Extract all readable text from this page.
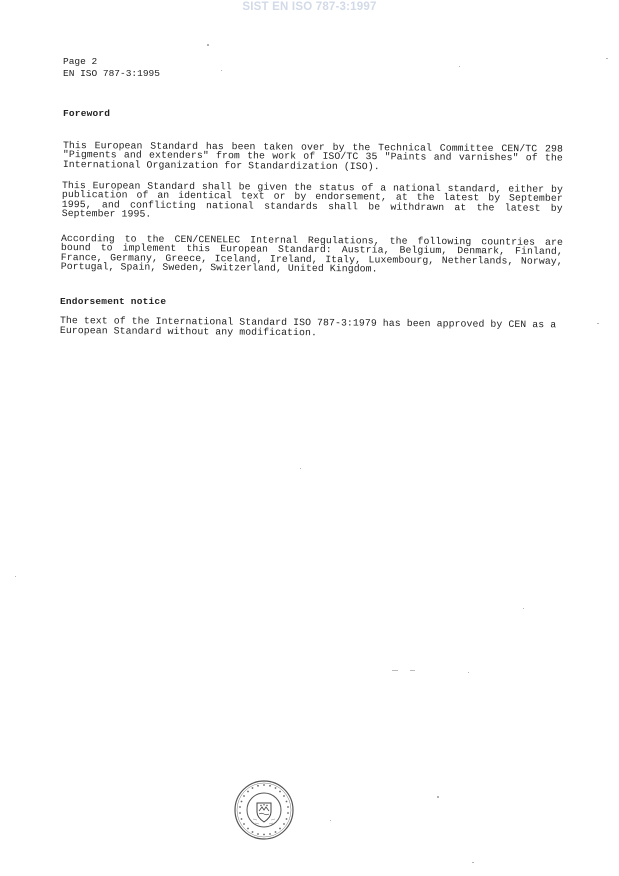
SIST EN ISO 787-3:1997
Page 2
EN ISO 787-3:1995
Foreword
This European Standard has been taken over by the Technical Committee CEN/TC 298 "Pigments and extenders" from the work of ISO/TC 35 "Paints and varnishes" of the International Organization for Standardization (ISO).
This European Standard shall be given the status of a national standard, either by publication of an identical text or by endorsement, at the latest by September 1995, and conflicting national standards shall be withdrawn at the latest by September 1995.
According to the CEN/CENELEC Internal Regulations, the following countries are bound to implement this European Standard: Austria, Belgium, Denmark, Finland, France, Germany, Greece, Iceland, Ireland, Italy, Luxembourg, Netherlands, Norway, Portugal, Spain, Sweden, Switzerland, United Kingdom.
Endorsement notice
The text of the International Standard ISO 787-3:1979 has been approved by CEN as a European Standard without any modification.
